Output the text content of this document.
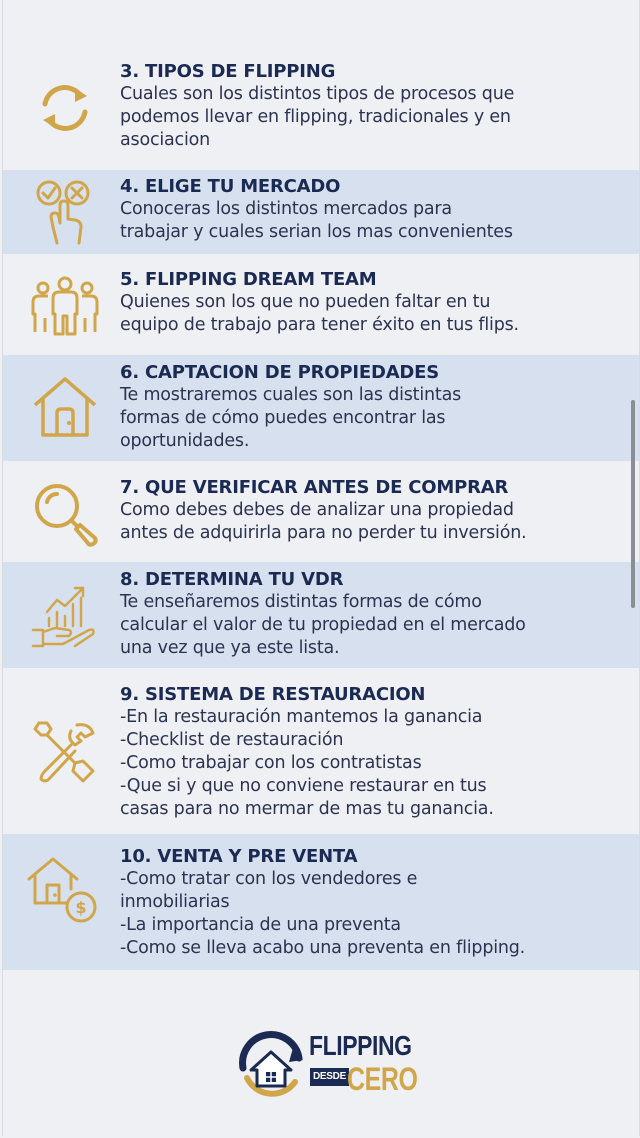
3. TIPOS DE FLIPPING

Cuales son los distintos tipos de procesos que
podemos llevar en flipping, tradicionales y en
asociacion

4. ELIGE TU MERCADO

Conoceras los distintos mercados para
trabajar y cuales serian los mas convenientes

5. FLIPPING DREAM TEAM

Quienes son los que no pueden faltar en tu
equipo de trabajo para tener éxito en tus flips.

6. CAPTACION DE PROPIEDADES

Te mostraremos cuales son las distintas
formas de cómo puedes encontrar las
oportunidades.

7. QUE VERIFICAR ANTES DE COMPRAR

Como debes debes de analizar una propiedad
antes de adquirirla para no perder tu inversión.

8. DETERMINA TU VDR

Te enseñaremos distintas formas de cómo
calcular el valor de tu propiedad en el mercado
una vez que ya este lista.

9. SISTEMA DE RESTAURACION

-En la restauración mantemos la ganancia
-Checklist de restauración
-Como trabajar con los contratistas
-Que si y que no conviene restaurar en tus
casas para no mermar de mas tu ganancia.

$

10. VENTA Y PRE VENTA

-Como tratar con los vendedores e
inmobiliarias
-La importancia de una preventa
-Como se lleva acabo una preventa en flipping.

FLIPPING
DESDE CERO
